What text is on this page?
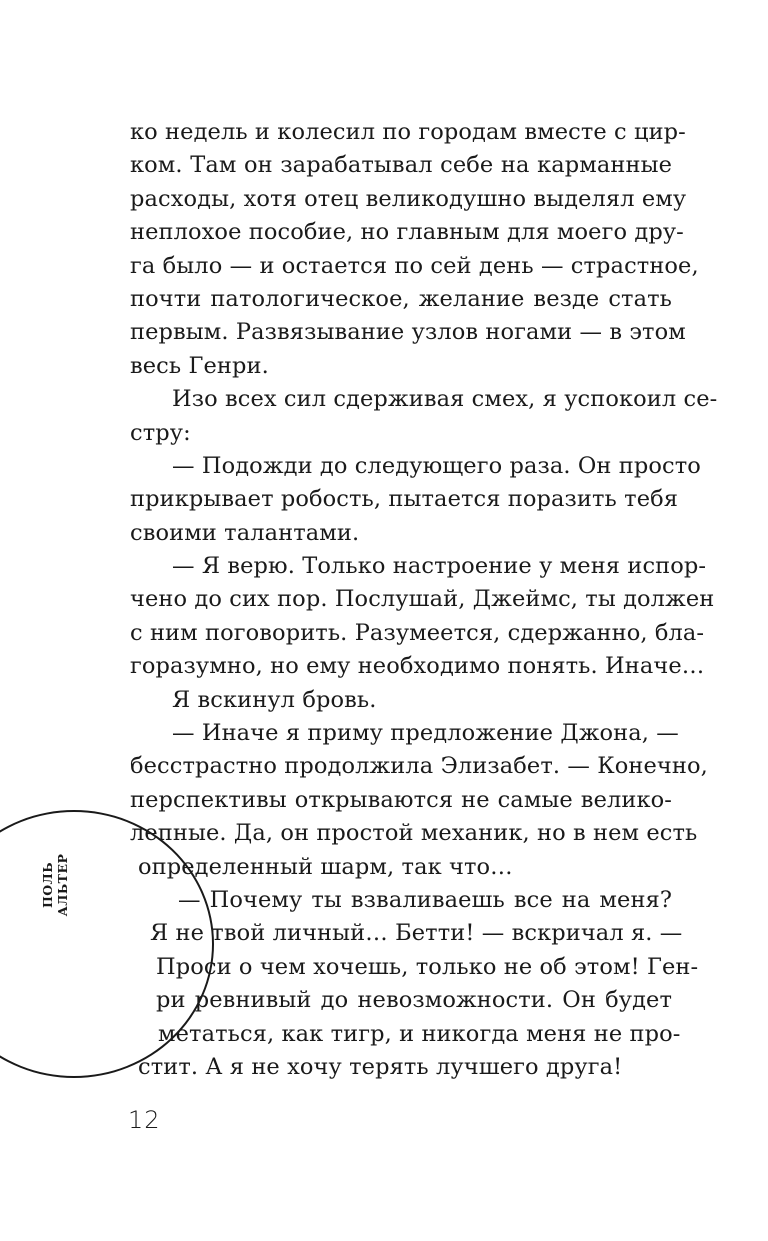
ко недель и колесил по городам вместе с цир-
ком. Там он зарабатывал себе на карманные
расходы, хотя отец великодушно выделял ему
неплохое пособие, но главным для моего дру-
га было — и остается по сей день — страстное,
почти патологическое, желание везде стать
первым. Развязывание узлов ногами — в этом
весь Генри.
Изо всех сил сдерживая смех, я успокоил се-
стру:
— Подожди до следующего раза. Он просто
прикрывает робость, пытается поразить тебя
своими талантами.
— Я верю. Только настроение у меня испор-
чено до сих пор. Послушай, Джеймс, ты должен
с ним поговорить. Разумеется, сдержанно, бла-
горазумно, но ему необходимо понять. Иначе…
Я вскинул бровь.
— Иначе я приму предложение Джона, —
бесстрастно продолжила Элизабет. — Конечно,
перспективы открываются не самые велико-
лепные. Да, он простой механик, но в нем есть
определенный шарм, так что…
— Почему ты взваливаешь все на меня?
Я не твой личный… Бетти! — вскричал я. —
Проси о чем хочешь, только не об этом! Ген-
ри ревнивый до невозможности. Он будет
метаться, как тигр, и никогда меня не про-
стит. А я не хочу терять лучшего друга!
ПОЛЬ АЛЬТЕР
12
